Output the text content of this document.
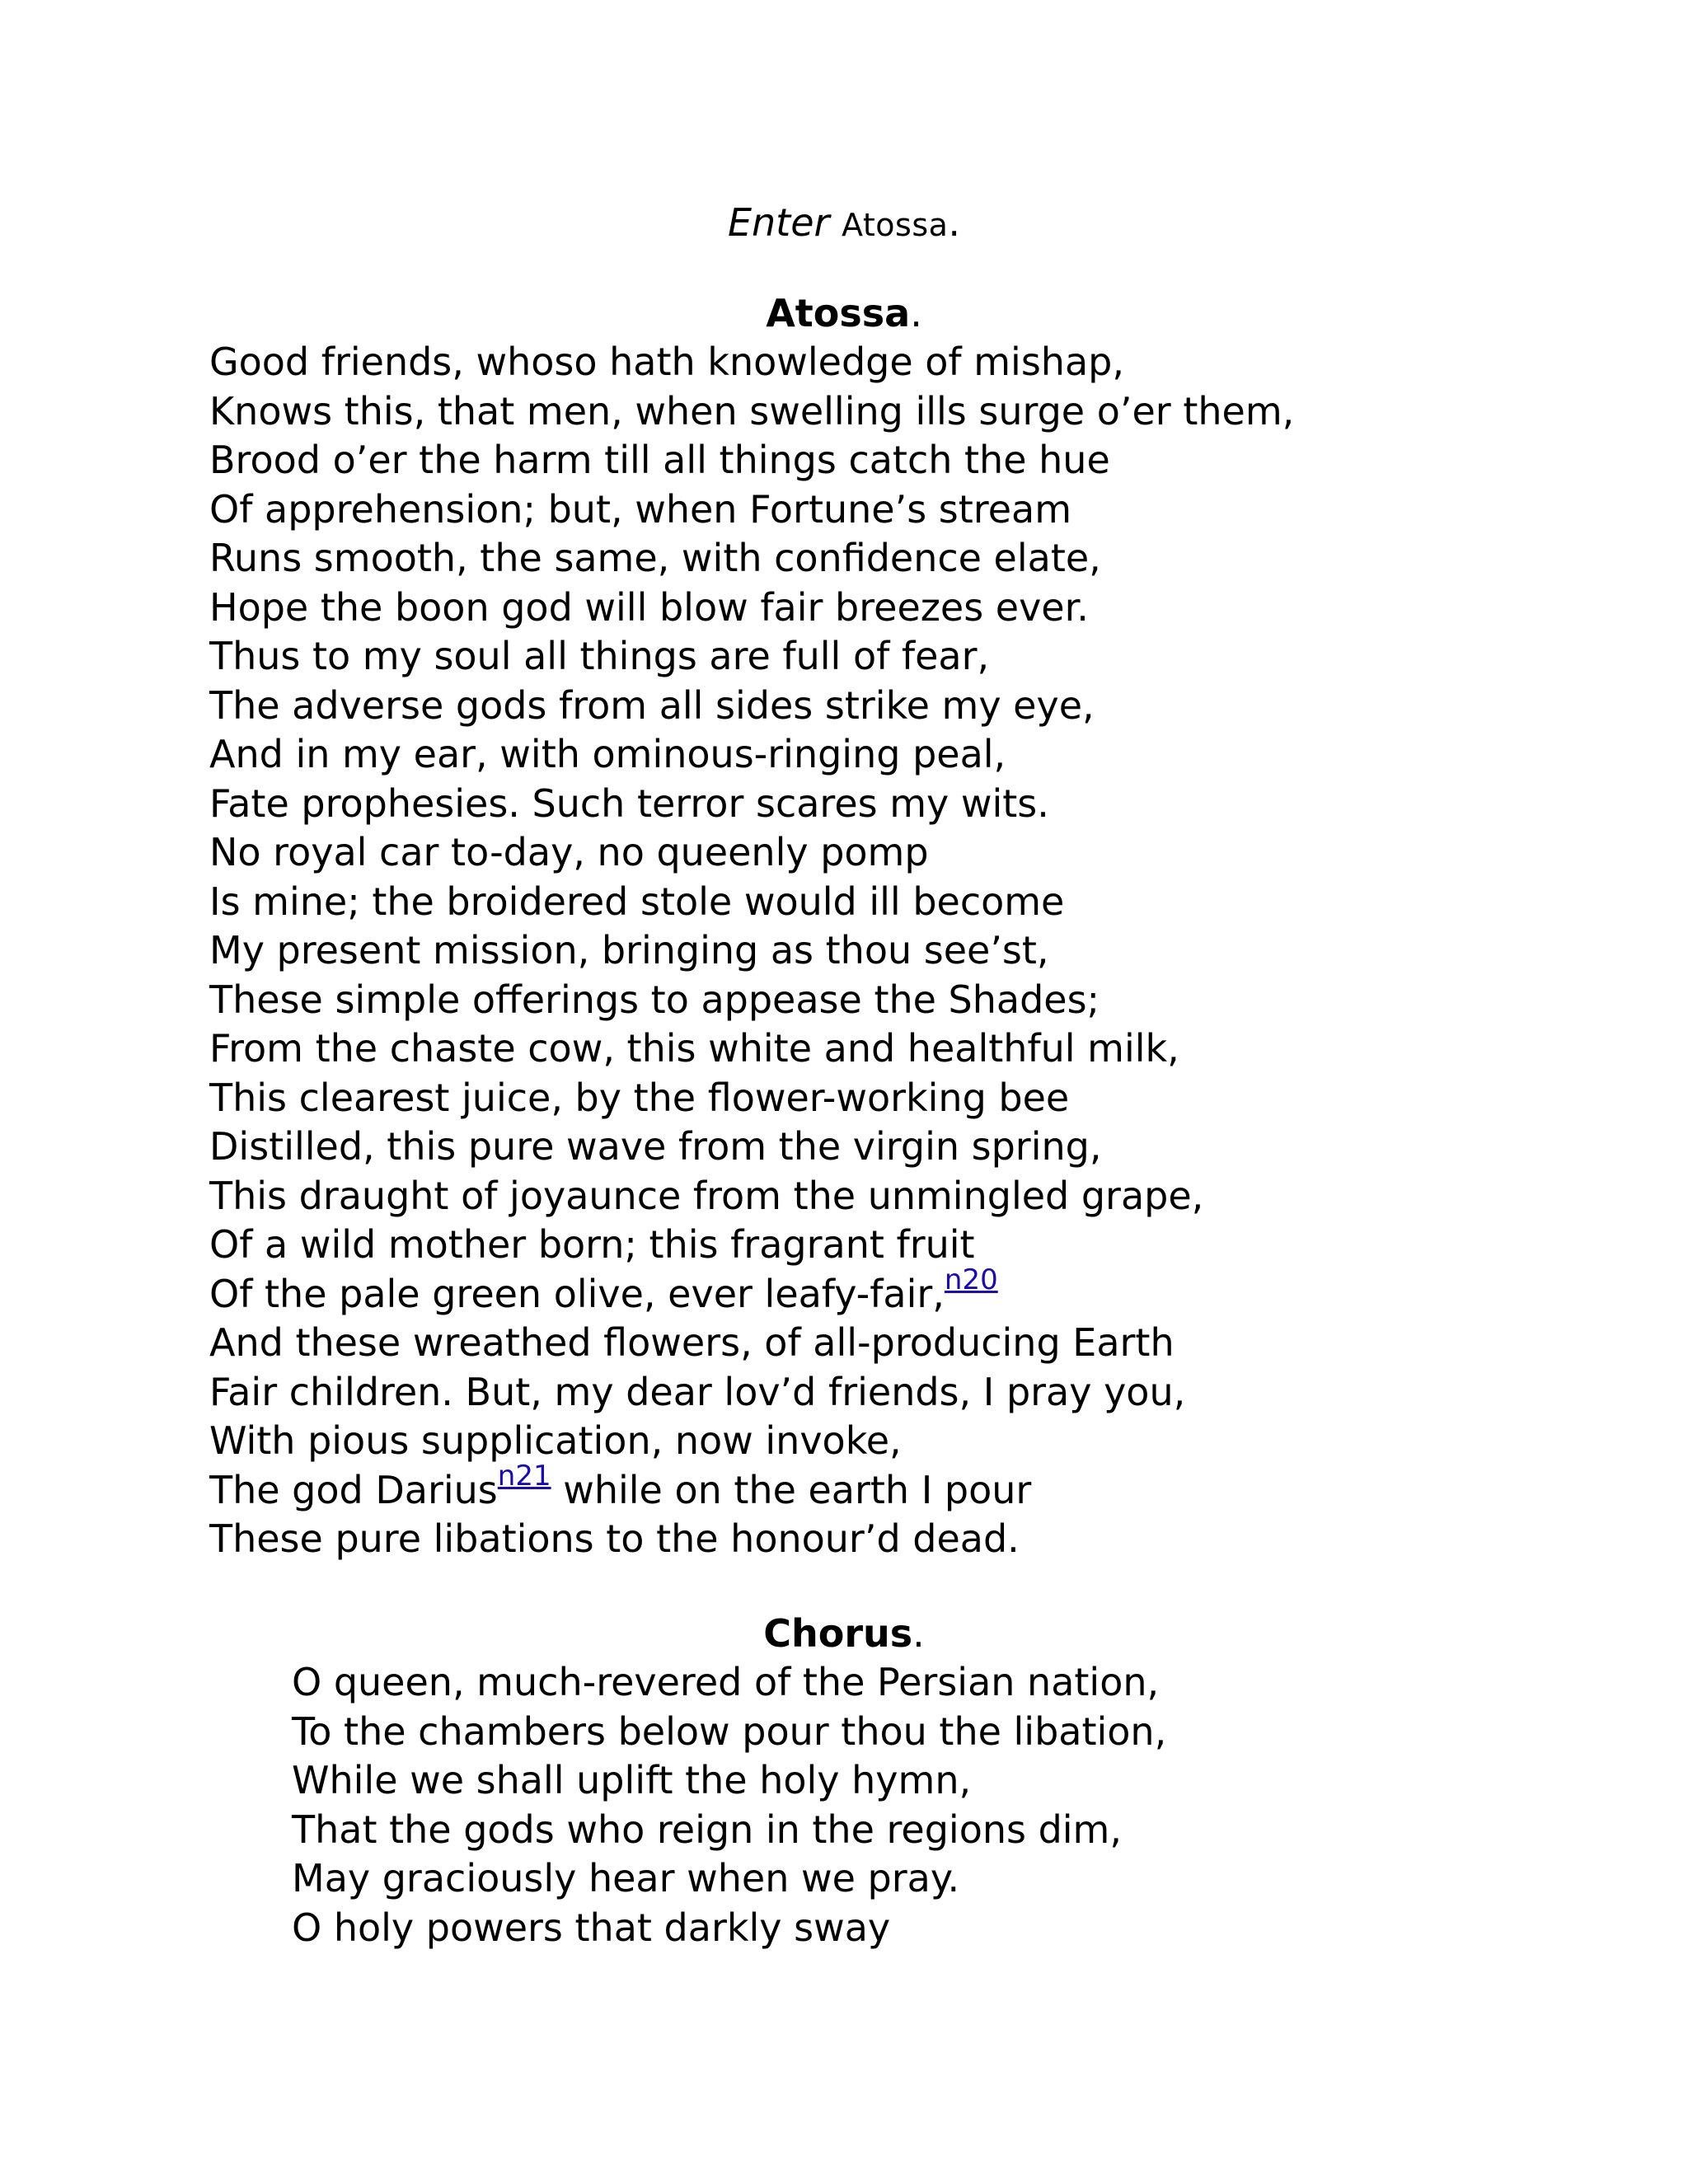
Enter Atossa.

Atossa.

Good friends, whoso hath knowledge of mishap,
Knows this, that men, when swelling ills surge o’er them,
Brood o’er the harm till all things catch the hue
Of apprehension; but, when Fortune’s stream
Runs smooth, the same, with confidence elate,
Hope the boon god will blow fair breezes ever.
Thus to my soul all things are full of fear,
The adverse gods from all sides strike my eye,
And in my ear, with ominous-ringing peal,
Fate prophesies. Such terror scares my wits.
No royal car to-day, no queenly pomp
Is mine; the broidered stole would ill become
My present mission, bringing as thou see’st,
These simple offerings to appease the Shades;
From the chaste cow, this white and healthful milk,
This clearest juice, by the flower-working bee
Distilled, this pure wave from the virgin spring,
This draught of joyaunce from the unmingled grape,
Of a wild mother born; this fragrant fruit
Of the pale green olive, ever leafy-fair,$^{n20}$
And these wreathed flowers, of all-producing Earth
Fair children. But, my dear lov’d friends, I pray you,
With pious supplication, now invoke,
The god Darius$^{n21}$ while on the earth I pour
These pure libations to the honour’d dead.

Chorus.

O queen, much-revered of the Persian nation,
To the chambers below pour thou the libation,
While we shall uplift the holy hymn,
That the gods who reign in the regions dim,
May graciously hear when we pray.
O holy powers that darkly sway
